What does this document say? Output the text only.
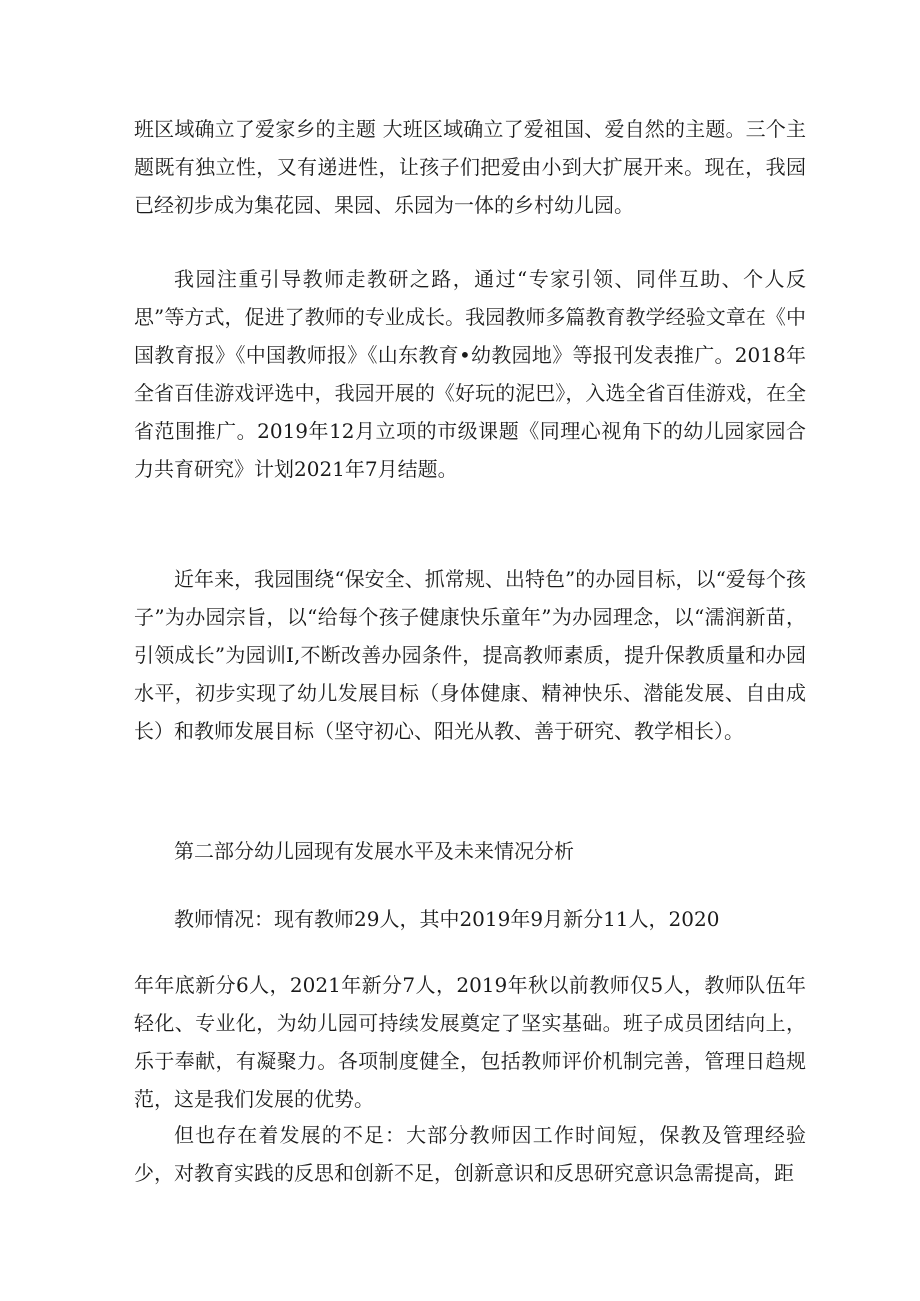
班区域确立了爱家乡的主题 大班区域确立了爱祖国、爱自然的主题。三个主题既有独立性，又有递进性，让孩子们把爱由小到大扩展开来。现在，我园已经初步成为集花园、果园、乐园为一体的乡村幼儿园。

我园注重引导教师走教研之路，通过“专家引领、同伴互助、个人反思”等方式，促进了教师的专业成长。我园教师多篇教育教学经验文章在《中国教育报》《中国教师报》《山东教育•幼教园地》等报刊发表推广。2018年全省百佳游戏评选中，我园开展的《好玩的泥巴》，入选全省百佳游戏，在全省范围推广。2019年12月立项的市级课题《同理心视角下的幼儿园家园合力共育研究》计划2021年7月结题。

近年来，我园围绕“保安全、抓常规、出特色”的办园目标，以“爱每个孩子”为办园宗旨，以“给每个孩子健康快乐童年”为办园理念，以“濡润新苗，引领成长”为园训I,不断改善办园条件，提高教师素质，提升保教质量和办园水平，初步实现了幼儿发展目标（身体健康、精神快乐、潜能发展、自由成长）和教师发展目标（坚守初心、阳光从教、善于研究、教学相长）。

第二部分幼儿园现有发展水平及未来情况分析

教师情况：现有教师29人，其中2019年9月新分11人，2020

年年底新分6人，2021年新分7人，2019年秋以前教师仅5人，教师队伍年轻化、专业化，为幼儿园可持续发展奠定了坚实基础。班子成员团结向上，乐于奉献，有凝聚力。各项制度健全，包括教师评价机制完善，管理日趋规范，这是我们发展的优势。

但也存在着发展的不足：大部分教师因工作时间短，保教及管理经验少，对教育实践的反思和创新不足，创新意识和反思研究意识急需提高，距
